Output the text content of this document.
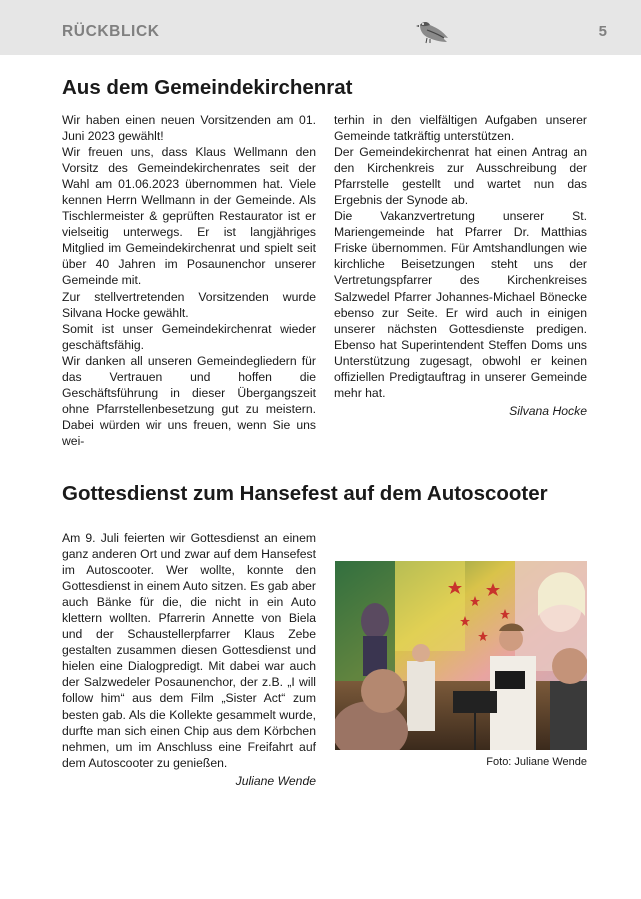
RÜCKBLICK	5
Aus dem Gemeindekirchenrat

Wir haben einen neuen Vorsitzenden am 01. Juni 2023 gewählt!

Wir freuen uns, dass Klaus Wellmann den Vorsitz des Gemeindekirchenrates seit der Wahl am 01.06.2023 übernommen hat. Viele kennen Herrn Wellmann in der Gemeinde. Als Tischlermeister & geprüften Restaurator ist er vielseitig unterwegs. Er ist langjähriges Mitglied im Gemeindekirchenrat und spielt seit über 40 Jahren im Posaunenchor unserer Gemeinde mit.

Zur stellvertretenden Vorsitzenden wurde Silvana Hocke gewählt.

Somit ist unser Gemeindekirchenrat wieder geschäftsfähig.

Wir danken all unseren Gemeindegliedern für das Vertrauen und hoffen die Geschäftsführung in dieser Übergangszeit ohne Pfarrstellenbesetzung gut zu meistern. Dabei würden wir uns freuen, wenn Sie uns wei-

terhin in den vielfältigen Aufgaben unserer Gemeinde tatkräftig unterstützen.

Der Gemeindekirchenrat hat einen Antrag an den Kirchenkreis zur Ausschreibung der Pfarrstelle gestellt und wartet nun das Ergebnis der Synode ab.

Die Vakanzvertretung unserer St. Mariengemeinde hat Pfarrer Dr. Matthias Friske übernommen. Für Amtshandlungen wie kirchliche Beisetzungen steht uns der Vertretungspfarrer des Kirchenkreises Salzwedel Pfarrer Johannes-Michael Bönecke ebenso zur Seite. Er wird auch in einigen unserer nächsten Gottesdienste predigen. Ebenso hat Superintendent Steffen Doms uns Unterstützung zugesagt, obwohl er keinen offiziellen Predigtauftrag in unserer Gemeinde mehr hat.

Silvana Hocke

Gottesdienst zum Hansefest auf dem Autoscooter

Am 9. Juli feierten wir Gottesdienst an einem ganz anderen Ort und zwar auf dem Hansefest im Autoscooter. Wer wollte, konnte den Gottesdienst in einem Auto sitzen. Es gab aber auch Bänke für die, die nicht in ein Auto klettern wollten. Pfarrerin Annette von Biela und der Schaustellerpfarrer Klaus Zebe gestalten zusammen diesen Gottesdienst und hielen eine Dialogpredigt. Mit dabei war auch der Salzwedeler Posaunenchor, der z.B. „I will follow him“ aus dem Film „Sister Act“ zum besten gab. Als die Kollekte gesammelt wurde, durfte man sich einen Chip aus dem Körbchen nehmen, um im Anschluss eine Freifahrt auf dem Autoscooter zu genießen.

Juliane Wende

Foto: Juliane Wende
